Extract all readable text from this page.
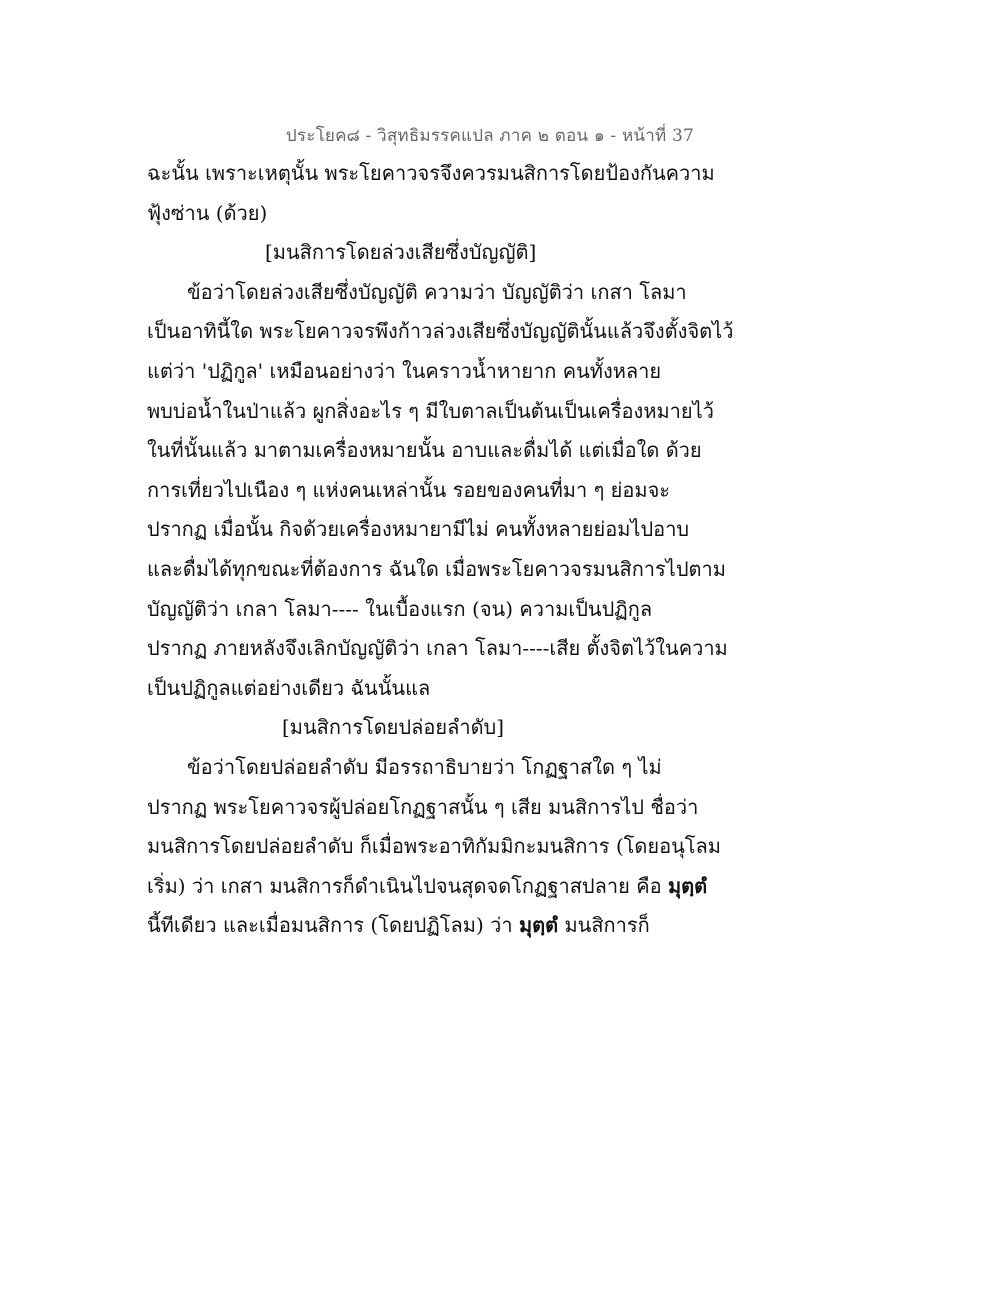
ประโยค๘ - วิสุทธิมรรคแปล ภาค ๒ ตอน ๑ - หน้าที่ 37
ฉะนั้น เพราะเหตุนั้น พระโยคาวจรจึงควรมนสิการโดยป้องกันความ
ฟุ้งซ่าน (ด้วย)
[มนสิการโดยล่วงเสียซึ่งบัญญัติ]
ข้อว่าโดยล่วงเสียซึ่งบัญญัติ ความว่า บัญญัติว่า เกสา โลมา
เป็นอาทินี้ใด พระโยคาวจรพึงก้าวล่วงเสียซึ่งบัญญัตินั้นแล้วจึงตั้งจิตไว้
แต่ว่า 'ปฏิกูล' เหมือนอย่างว่า ในคราวน้ำหายาก คนทั้งหลาย
พบบ่อน้ำในป่าแล้ว ผูกสิ่งอะไร ๆ มีใบตาลเป็นต้นเป็นเครื่องหมายไว้
ในที่นั้นแล้ว มาตามเครื่องหมายนั้น อาบและดื่มได้ แต่เมื่อใด ด้วย
การเที่ยวไปเนือง ๆ แห่งคนเหล่านั้น รอยของคนที่มา ๆ ย่อมจะ
ปรากฏ เมื่อนั้น กิจด้วยเครื่องหมายามีไม่ คนทั้งหลายย่อมไปอาบ
และดื่มได้ทุกขณะที่ต้องการ ฉันใด เมื่อพระโยคาวจรมนสิการไปตาม
บัญญัติว่า เกลา โลมา---- ในเบื้องแรก (จน) ความเป็นปฏิกูล
ปรากฏ ภายหลังจึงเลิกบัญญัติว่า เกลา โลมา----เสีย ตั้งจิตไว้ในความ
เป็นปฏิกูลแต่อย่างเดียว ฉันนั้นแล
[มนสิการโดยปล่อยลำดับ]
ข้อว่าโดยปล่อยลำดับ มีอรรถาธิบายว่า โกฏฐาสใด ๆ ไม่
ปรากฏ พระโยคาวจรผู้ปล่อยโกฏฐาสนั้น ๆ เสีย มนสิการไป ชื่อว่า
มนสิการโดยปล่อยลำดับ ก็เมื่อพระอาทิกัมมิกะมนสิการ (โดยอนุโลม
เริ่ม) ว่า เกสา มนสิการก็ดำเนินไปจนสุดจดโกฏฐาสปลาย คือ มุตฺตํ
นี้ทีเดียว และเมื่อมนสิการ (โดยปฏิโลม) ว่า มุตฺตํ มนสิการก็
